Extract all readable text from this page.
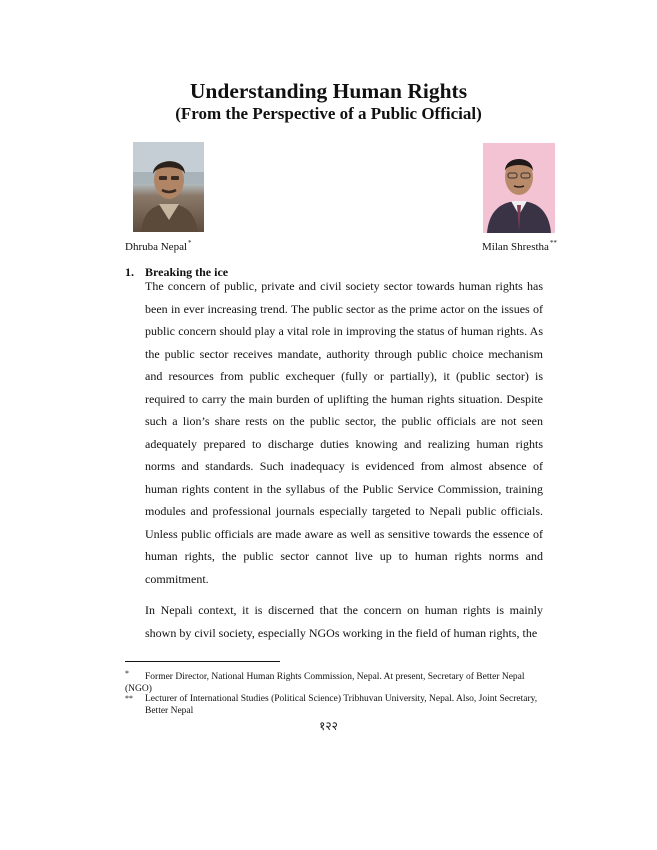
Understanding Human Rights
(From the Perspective of a Public Official)
Dhruba Nepal*	Milan Shrestha**
1. Breaking the ice

The concern of public, private and civil society sector towards human rights has been in ever increasing trend. The public sector as the prime actor on the issues of public concern should play a vital role in improving the status of human rights. As the public sector receives mandate, authority through public choice mechanism and resources from public exchequer (fully or partially), it (public sector) is required to carry the main burden of uplifting the human rights situation. Despite such a lion’s share rests on the public sector, the public officials are not seen adequately prepared to discharge duties knowing and realizing human rights norms and standards. Such inadequacy is evidenced from almost absence of human rights content in the syllabus of the Public Service Commission, training modules and professional journals especially targeted to Nepali public officials. Unless public officials are made aware as well as sensitive towards the essence of human rights, the public sector cannot live up to human rights norms and commitment.

In Nepali context, it is discerned that the concern on human rights is mainly shown by civil society, especially NGOs working in the field of human rights, the

* Former Director, National Human Rights Commission, Nepal. At present, Secretary of Better Nepal (NGO)

** Lecturer of International Studies (Political Science) Tribhuvan University, Nepal. Also, Joint Secretary, Better Nepal

१२२
